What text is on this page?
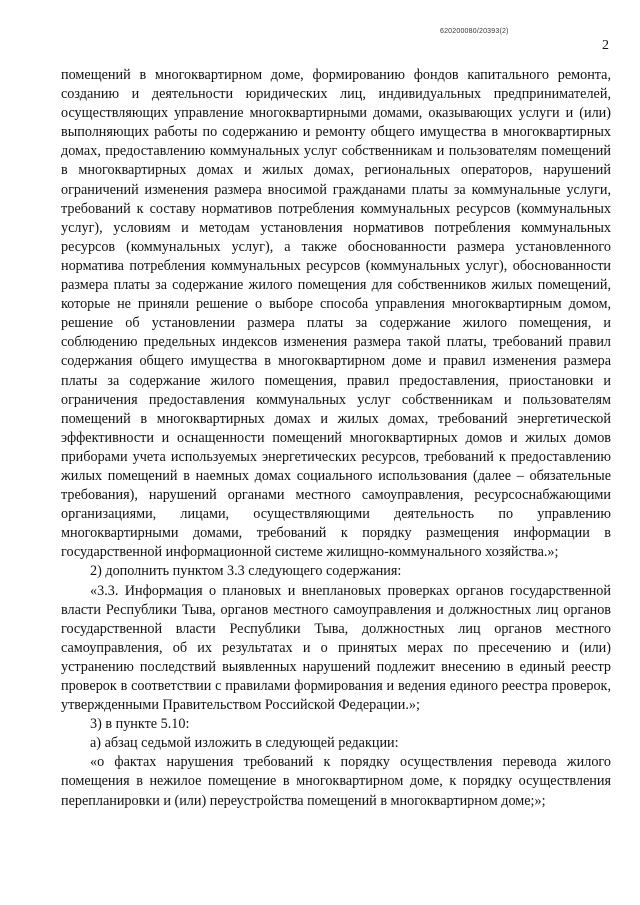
620200080/20393(2)
2

помещений в многоквартирном доме, формированию фондов капитального ремонта, созданию и деятельности юридических лиц, индивидуальных предпринимателей, осуществляющих управление многоквартирными домами, оказывающих услуги и (или) выполняющих работы по содержанию и ремонту общего имущества в многоквартирных домах, предоставлению коммунальных услуг собственникам и пользователям помещений в многоквартирных домах и жилых домах, региональных операторов, нарушений ограничений изменения размера вносимой гражданами платы за коммунальные услуги, требований к составу нормативов потребления коммунальных ресурсов (коммунальных услуг), условиям и методам установления нормативов потребления коммунальных ресурсов (коммунальных услуг), а также обоснованности размера установленного норматива потребления коммунальных ресурсов (коммунальных услуг), обоснованности размера платы за содержание жилого помещения для собственников жилых помещений, которые не приняли решение о выборе способа управления многоквартирным домом, решение об установлении размера платы за содержание жилого помещения, и соблюдению предельных индексов изменения размера такой платы, требований правил содержания общего имущества в многоквартирном доме и правил изменения размера платы за содержание жилого помещения, правил предоставления, приостановки и ограничения предоставления коммунальных услуг собственникам и пользователям помещений в многоквартирных домах и жилых домах, требований энергетической эффективности и оснащенности помещений многоквартирных домов и жилых домов приборами учета используемых энергетических ресурсов, требований к предоставлению жилых помещений в наемных домах социального использования (далее – обязательные требования), нарушений органами местного самоуправления, ресурсоснабжающими организациями, лицами, осуществляющими деятельность по управлению многоквартирными домами, требований к порядку размещения информации в государственной информационной системе жилищно-коммунального хозяйства.»;

2) дополнить пунктом 3.3 следующего содержания:

«3.3. Информация о плановых и внеплановых проверках органов государственной власти Республики Тыва, органов местного самоуправления и должностных лиц органов государственной власти Республики Тыва, должностных лиц органов местного самоуправления, об их результатах и о принятых мерах по пресечению и (или) устранению последствий выявленных нарушений подлежит внесению в единый реестр проверок в соответствии с правилами формирования и ведения единого реестра проверок, утвержденными Правительством Российской Федерации.»;

3) в пункте 5.10:

а) абзац седьмой изложить в следующей редакции:

«о фактах нарушения требований к порядку осуществления перевода жилого помещения в нежилое помещение в многоквартирном доме, к порядку осуществления перепланировки и (или) переустройства помещений в многоквартирном доме;»;
